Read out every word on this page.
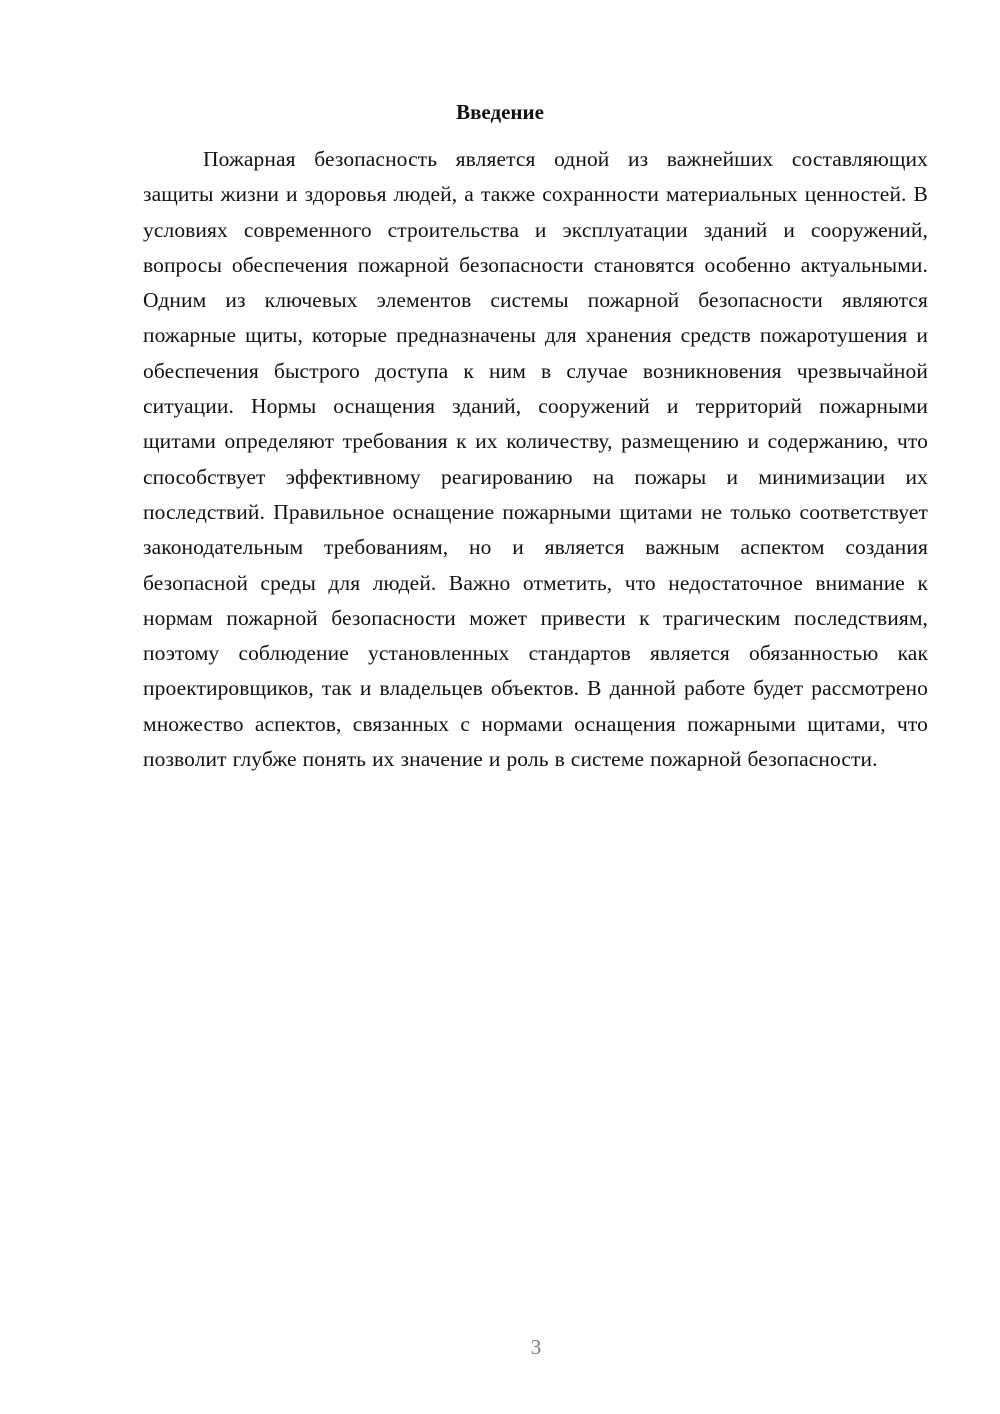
Введение

Пожарная безопасность является одной из важнейших составляющих защиты жизни и здоровья людей, а также сохранности материальных ценностей. В условиях современного строительства и эксплуатации зданий и сооружений, вопросы обеспечения пожарной безопасности становятся особенно актуальными. Одним из ключевых элементов системы пожарной безопасности являются пожарные щиты, которые предназначены для хранения средств пожаротушения и обеспечения быстрого доступа к ним в случае возникновения чрезвычайной ситуации. Нормы оснащения зданий, сооружений и территорий пожарными щитами определяют требования к их количеству, размещению и содержанию, что способствует эффективному реагированию на пожары и минимизации их последствий. Правильное оснащение пожарными щитами не только соответствует законодательным требованиям, но и является важным аспектом создания безопасной среды для людей. Важно отметить, что недостаточное внимание к нормам пожарной безопасности может привести к трагическим последствиям, поэтому соблюдение установленных стандартов является обязанностью как проектировщиков, так и владельцев объектов. В данной работе будет рассмотрено множество аспектов, связанных с нормами оснащения пожарными щитами, что позволит глубже понять их значение и роль в системе пожарной безопасности.

3
